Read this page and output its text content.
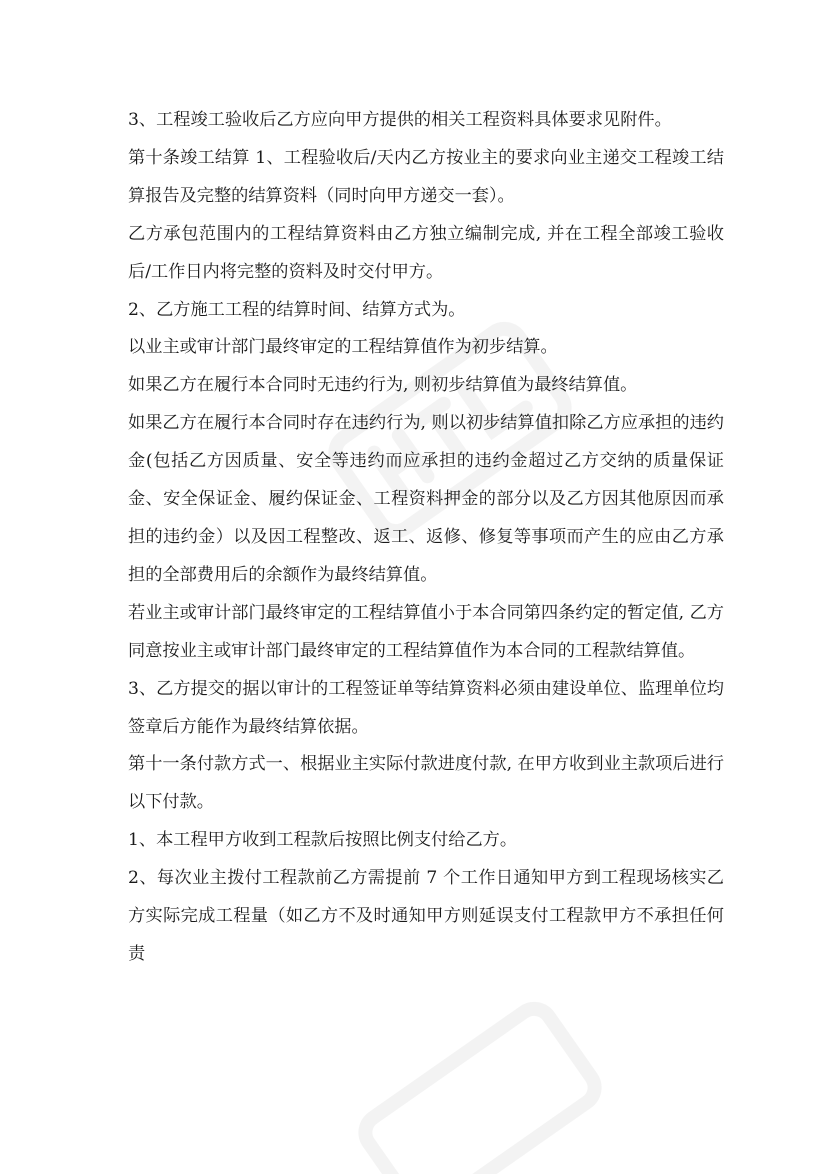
3、工程竣工验收后乙方应向甲方提供的相关工程资料具体要求见附件。

第十条竣工结算 1、工程验收后/天内乙方按业主的要求向业主递交工程竣工结算报告及完整的结算资料（同时向甲方递交一套）。

乙方承包范围内的工程结算资料由乙方独立编制完成, 并在工程全部竣工验收后/工作日内将完整的资料及时交付甲方。

2、乙方施工工程的结算时间、结算方式为。

以业主或审计部门最终审定的工程结算值作为初步结算。

如果乙方在履行本合同时无违约行为, 则初步结算值为最终结算值。

如果乙方在履行本合同时存在违约行为, 则以初步结算值扣除乙方应承担的违约金(包括乙方因质量、安全等违约而应承担的违约金超过乙方交纳的质量保证金、安全保证金、履约保证金、工程资料押金的部分以及乙方因其他原因而承担的违约金）以及因工程整改、返工、返修、修复等事项而产生的应由乙方承担的全部费用后的余额作为最终结算值。

若业主或审计部门最终审定的工程结算值小于本合同第四条约定的暂定值, 乙方同意按业主或审计部门最终审定的工程结算值作为本合同的工程款结算值。

3、乙方提交的据以审计的工程签证单等结算资料必须由建设单位、监理单位均签章后方能作为最终结算依据。

第十一条付款方式一、根据业主实际付款进度付款, 在甲方收到业主款项后进行以下付款。

1、本工程甲方收到工程款后按照比例支付给乙方。

2、每次业主拨付工程款前乙方需提前 7 个工作日通知甲方到工程现场核实乙方实际完成工程量（如乙方不及时通知甲方则延误支付工程款甲方不承担任何责
